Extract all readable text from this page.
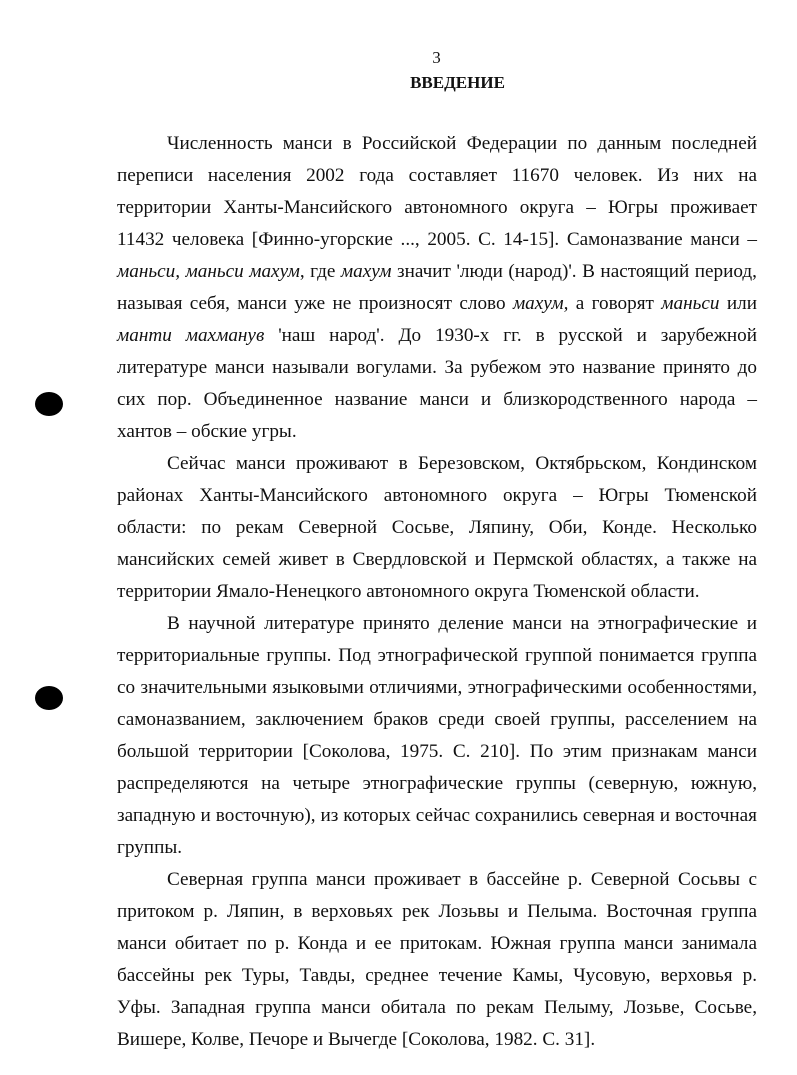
3
ВВЕДЕНИЕ

Численность манси в Российской Федерации по данным последней переписи населения 2002 года составляет 11670 человек. Из них на территории Ханты-Мансийского автономного округа – Югры проживает 11432 человека [Финно-угорские ..., 2005. С. 14-15]. Самоназвание манси – маньси, маньси махум, где махум значит 'люди (народ)'. В настоящий период, называя себя, манси уже не произносят слово махум, а говорят маньси или манти махманув 'наш народ'. До 1930-х гг. в русской и зарубежной литературе манси называли вогулами. За рубежом это название принято до сих пор. Объединенное название манси и близкородственного народа – хантов – обские угры.

Сейчас манси проживают в Березовском, Октябрьском, Кондинском районах Ханты-Мансийского автономного округа – Югры Тюменской области: по рекам Северной Сосьве, Ляпину, Оби, Конде. Несколько мансийских семей живет в Свердловской и Пермской областях, а также на территории Ямало-Ненецкого автономного округа Тюменской области.

В научной литературе принято деление манси на этнографические и территориальные группы. Под этнографической группой понимается группа со значительными языковыми отличиями, этнографическими особенностями, самоназванием, заключением браков среди своей группы, расселением на большой территории [Соколова, 1975. С. 210]. По этим признакам манси распределяются на четыре этнографические группы (северную, южную, западную и восточную), из которых сейчас сохранились северная и восточная группы.

Северная группа манси проживает в бассейне р. Северной Сосьвы с притоком р. Ляпин, в верховьях рек Лозьвы и Пелыма. Восточная группа манси обитает по р. Конда и ее притокам. Южная группа манси занимала бассейны рек Туры, Тавды, среднее течение Камы, Чусовую, верховья р. Уфы. Западная группа манси обитала по рекам Пелыму, Лозьве, Сосьве, Вишере, Колве, Печоре и Вычегде [Соколова, 1982. С. 31].
